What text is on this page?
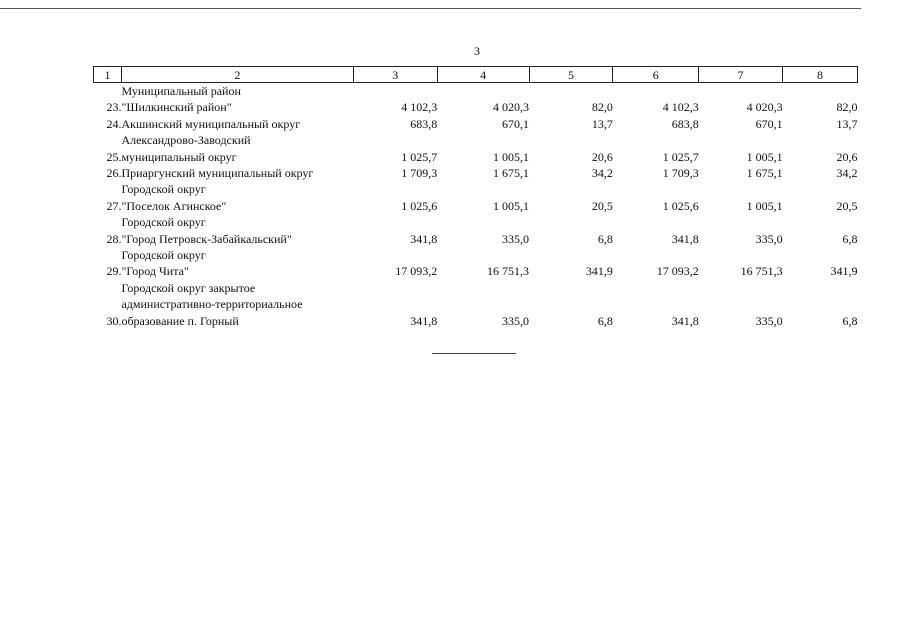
3
1	2	3	4	5	6	7	8
23.	Муниципальный район
"Шилкинский район"	4 102,3	4 020,3	82,0	4 102,3	4 020,3	82,0
24.	Акшинский муниципальный округ	683,8	670,1	13,7	683,8	670,1	13,7
25.	Александрово-Заводский
муниципальный округ	1 025,7	1 005,1	20,6	1 025,7	1 005,1	20,6
26.	Приаргунский муниципальный округ	1 709,3	1 675,1	34,2	1 709,3	1 675,1	34,2
27.	Городской округ
"Поселок Агинское"	1 025,6	1 005,1	20,5	1 025,6	1 005,1	20,5
28.	Городской округ
"Город Петровск-Забайкальский"	341,8	335,0	6,8	341,8	335,0	6,8
29.	Городской округ
"Город Чита"	17 093,2	16 751,3	341,9	17 093,2	16 751,3	341,9
30.	Городской округ закрытое
административно-территориальное
образование п. Горный	341,8	335,0	6,8	341,8	335,0	6,8
